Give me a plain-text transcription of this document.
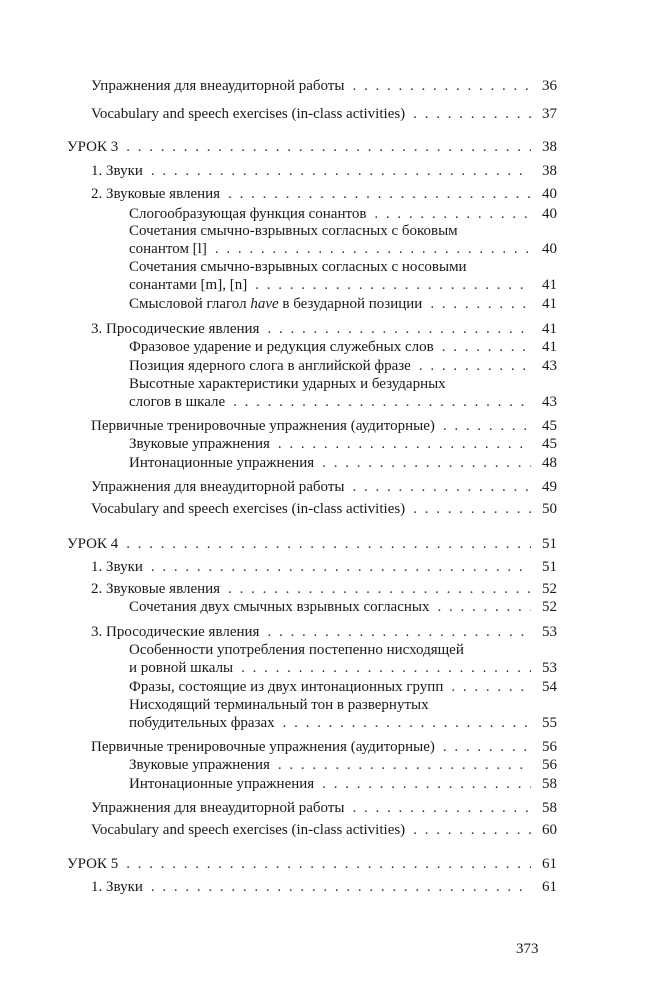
Упражнения для внеаудиторной работы . . .	36
Vocabulary and speech exercises (in-class activities) . . .	37
УРОК 3 . . .	38
1. Звуки . . .	38
2. Звуковые явления . . .	40
Слогообразующая функция сонантов . . .	40
Сочетания смычно-взрывных согласных с боковым
сонантом [l] . . .	40
Сочетания смычно-взрывных согласных с носовыми
сонантами [m], [n] . . .	41
Смысловой глагол have в безударной позиции . . .	41
3. Просодические явления . . .	41
Фразовое ударение и редукция служебных слов . . .	41
Позиция ядерного слога в английской фразе . . .	43
Высотные характеристики ударных и безударных
слогов в шкале . . .	43
Первичные тренировочные упражнения (аудиторные) . . .	45
Звуковые упражнения . . .	45
Интонационные упражнения . . .	48
Упражнения для внеаудиторной работы . . .	49
Vocabulary and speech exercises (in-class activities) . . .	50
УРОК 4 . . .	51
1. Звуки . . .	51
2. Звуковые явления . . .	52
Сочетания двух смычных взрывных согласных . . .	52
3. Просодические явления . . .	53
Особенности употребления постепенно нисходящей
и ровной шкалы . . .	53
Фразы, состоящие из двух интонационных групп . . .	54
Нисходящий терминальный тон в развернутых
побудительных фразах . . .	55
Первичные тренировочные упражнения (аудиторные) . . .	56
Звуковые упражнения . . .	56
Интонационные упражнения . . .	58
Упражнения для внеаудиторной работы . . .	58
Vocabulary and speech exercises (in-class activities) . . .	60
УРОК 5 . . .	61
1. Звуки . . .	61
373
